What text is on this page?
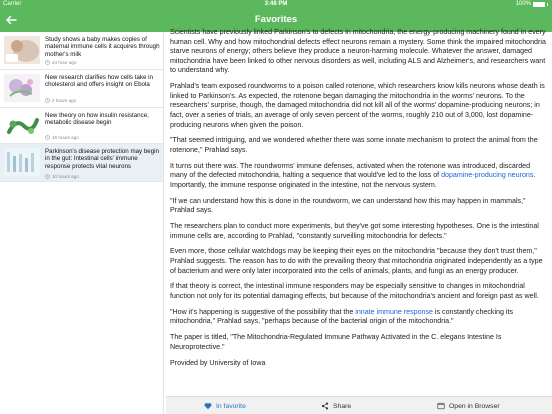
Carrier	3:48 PM	100%
Favorites
Study shows a baby makes copies of maternal immune cells it acquires through mother's milk
24 hour ago
New research clarifies how cells take in cholesterol and offers insight on Ebola
2 hours ago
New theory on how insulin resistance, metabolic disease begin
16 hours ago
Parkinson's disease protection may begin in the gut: Intestinal cells' immune response protects vital neurons
10 hours ago

Scientists have previously linked Parkinson's to defects in mitochondria, the energy-producing machinery found in every human cell. Why and how mitochondrial defects effect neurons remain a mystery. Some think the impaired mitochondria starve neurons of energy; others believe they produce a neuron-harming molecule. Whatever the answer, damaged mitochondria have been linked to other nervous disorders as well, including ALS and Alzheimer's, and researchers want to understand why.

Prahlad's team exposed roundworms to a poison called rotenone, which researchers know kills neurons whose death is linked to Parkinson's. As expected, the rotenone began damaging the mitochondria in the worms' neurons. To the researchers' surprise, though, the damaged mitochondria did not kill all of the worms' dopamine-producing neurons; in fact, over a series of trials, an average of only seven percent of the worms, roughly 210 out of 3,000, lost dopamine-producing neurons when given the poison.

"That seemed intriguing, and we wondered whether there was some innate mechanism to protect the animal from the rotenone," Prahlad says.

It turns out there was. The roundworms' immune defenses, activated when the rotenone was introduced, discarded many of the defected mitochondria, halting a sequence that would've led to the loss of dopamine-producing neurons. Importantly, the immune response originated in the intestine, not the nervous system.

"If we can understand how this is done in the roundworm, we can understand how this may happen in mammals," Prahlad says.

The researchers plan to conduct more experiments, but they've got some interesting hypotheses. One is the intestinal immune cells are, according to Prahlad, "constantly surveilling mitochondria for defects."

Even more, those cellular watchdogs may be keeping their eyes on the mitochondria "because they don't trust them," Prahlad suggests. The reason has to do with the prevailing theory that mitochondria originated independently as a type of bacterium and were only later incorporated into the cells of animals, plants, and fungi as an energy producer.

If that theory is correct, the intestinal immune responders may be especially sensitive to changes in mitochondrial function not only for its potential damaging effects, but because of the mitochondria's ancient and foreign past as well.

"How it's happening is suggestive of the possibility that the innate immune response is constantly checking its mitochondria," Prahlad says, "perhaps because of the bacterial origin of the mitochondria."

The paper is titled, "The Mitochondria-Regulated Immune Pathway Activated in the C. elegans Intestine Is Neuroprotective."

Provided by University of Iowa

In favorite	Share	Open in Browser
